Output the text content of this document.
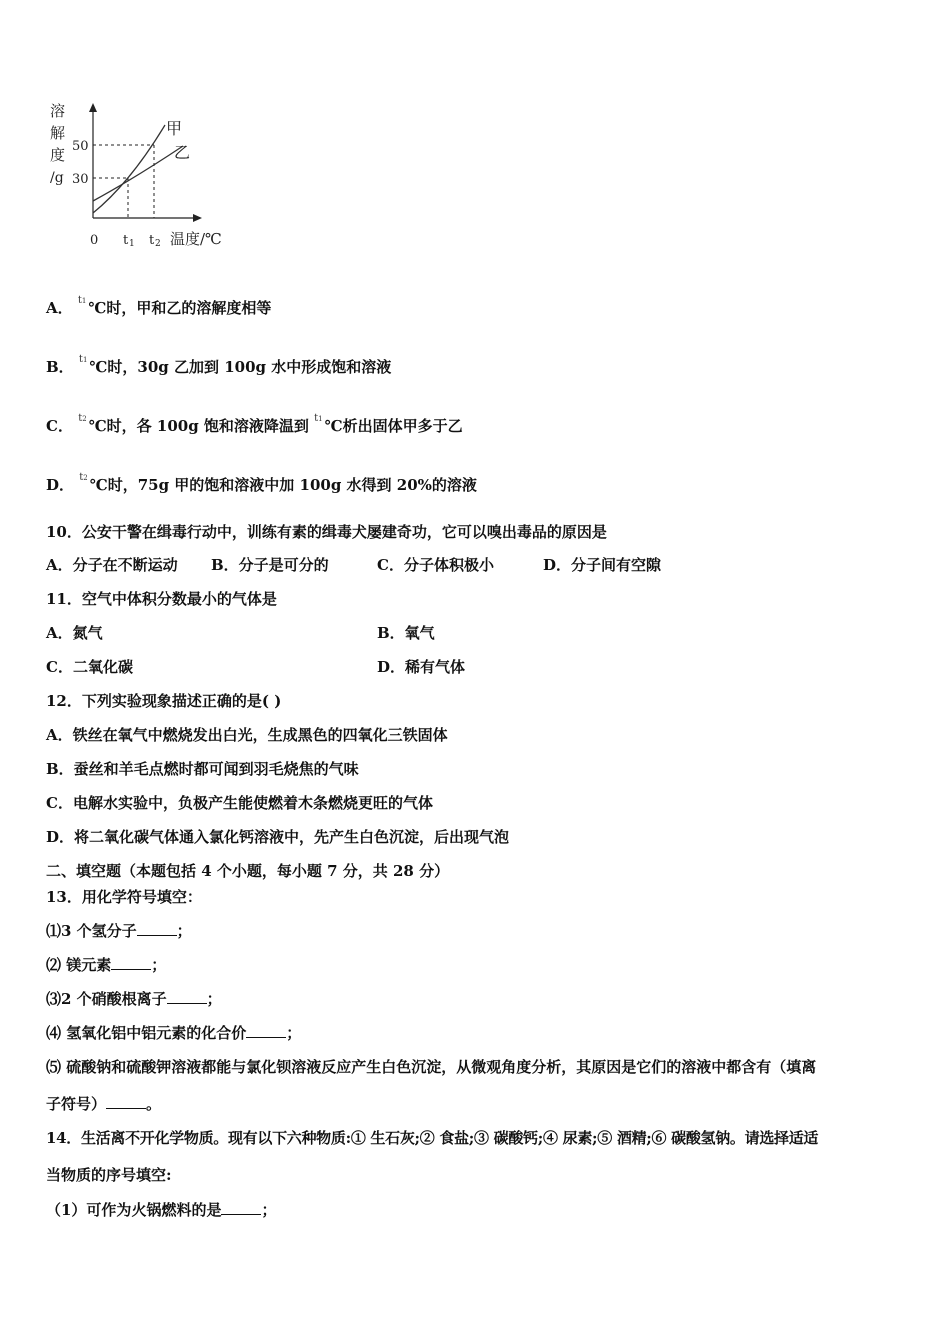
溶
解
度
/g
50
30
0 t 1 t 2 温度/℃
甲
乙
A． $^{t1}$ ℃时，甲和乙的溶解度相等
B． $^{t1}$ ℃时，30g 乙加到 100g 水中形成饱和溶液
C． $^{t2}$ ℃时，各 100g 饱和溶液降温到 $^{t1}$ ℃析出固体甲多于乙
D． $^{t2}$ ℃时，75g 甲的饱和溶液中加 100g 水得到 20%的溶液
10．公安干警在缉毒行动中，训练有素的缉毒犬屡建奇功，它可以嗅出毒品的原因是
A．分子在不断运动 B．分子是可分的	C．分子体积极小	D．分子间有空隙
11．空气中体积分数最小的气体是
A．氮气	B．氧气
C．二氧化碳	D．稀有气体
12．下列实验现象描述正确的是( )
A．铁丝在氧气中燃烧发出白光，生成黑色的四氧化三铁固体
B．蚕丝和羊毛点燃时都可闻到羽毛烧焦的气味
C．电解水实验中，负极产生能使燃着木条燃烧更旺的气体
D．将二氧化碳气体通入氯化钙溶液中，先产生白色沉淀，后出现气泡
二、填空题（本题包括 4 个小题，每小题 7 分，共 28 分）
13．用化学符号填空：
⑴3 个氢分子	；
⑵ 镁元素	；
⑶2 个硝酸根离子	；
⑷ 氢氧化铝中铝元素的化合价	；
⑸ 硫酸钠和硫酸钾溶液都能与氯化钡溶液反应产生白色沉淀，从微观角度分析，其原因是它们的溶液中都含有（填离
子符号）	。
14．生活离不开化学物质。现有以下六种物质:① 生石灰;② 食盐;③ 碳酸钙;④ 尿素;⑤ 酒精;⑥ 碳酸氢钠。请选择适适
当物质的序号填空:
（1）可作为火锅燃料的是	；
